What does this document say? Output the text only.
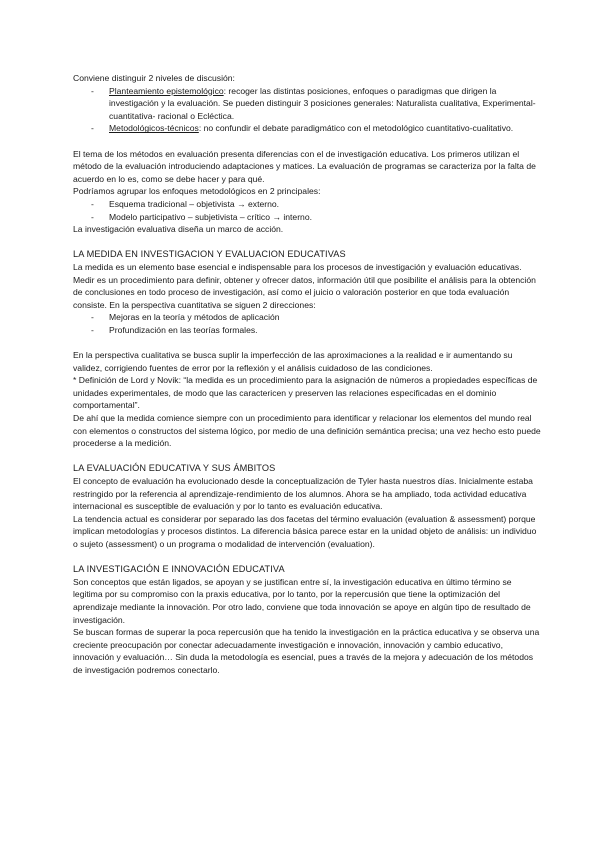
Conviene distinguir 2 niveles de discusión:

- Planteamiento epistemológico: recoger las distintas posiciones, enfoques o paradigmas que dirigen la investigación y la evaluación. Se pueden distinguir 3 posiciones generales: Naturalista cualitativa, Experimental- cuantitativa- racional o Ecléctica.
- Metodológicos-técnicos: no confundir el debate paradigmático con el metodológico cuantitativo-cualitativo.

El tema de los métodos en evaluación presenta diferencias con el de investigación educativa. Los primeros utilizan el método de la evaluación introduciendo adaptaciones y matices. La evaluación de programas se caracteriza por la falta de acuerdo en lo es, como se debe hacer y para qué.

Podríamos agrupar los enfoques metodológicos en 2 principales:

- Esquema tradicional – objetivista → externo.
- Modelo participativo – subjetivista – crítico → interno.

La investigación evaluativa diseña un marco de acción.

LA MEDIDA EN INVESTIGACION Y EVALUACION EDUCATIVAS

La medida es un elemento base esencial e indispensable para los procesos de investigación y evaluación educativas.

Medir es un procedimiento para definir, obtener y ofrecer datos, información útil que posibilite el análisis para la obtención de conclusiones en todo proceso de investigación, así como el juicio o valoración posterior en que toda evaluación consiste. En la perspectiva cuantitativa se siguen 2 direcciones:

- Mejoras en la teoría y métodos de aplicación
- Profundización en las teorías formales.

En la perspectiva cualitativa se busca suplir la imperfección de las aproximaciones a la realidad e ir aumentando su validez, corrigiendo fuentes de error por la reflexión y el análisis cuidadoso de las condiciones.

* Definición de Lord y Novik: “la medida es un procedimiento para la asignación de números a propiedades específicas de unidades experimentales, de modo que las caractericen y preserven las relaciones especificadas en el dominio comportamental”.

De ahí que la medida comience siempre con un procedimiento para identificar y relacionar los elementos del mundo real con elementos o constructos del sistema lógico, por medio de una definición semántica precisa; una vez hecho esto puede procederse a la medición.

LA EVALUACIÓN EDUCATIVA Y SUS ÁMBITOS

El concepto de evaluación ha evolucionado desde la conceptualización de Tyler hasta nuestros días. Inicialmente estaba restringido por la referencia al aprendizaje-rendimiento de los alumnos. Ahora se ha ampliado, toda actividad educativa internacional es susceptible de evaluación y por lo tanto es evaluación educativa.

La tendencia actual es considerar por separado las dos facetas del término evaluación (evaluation & assessment) porque implican metodologías y procesos distintos. La diferencia básica parece estar en la unidad objeto de análisis: un individuo o sujeto (assessment) o un programa o modalidad de intervención (evaluation).

LA INVESTIGACIÓN E INNOVACIÓN EDUCATIVA

Son conceptos que están ligados, se apoyan y se justifican entre sí, la investigación educativa en último término se legitima por su compromiso con la praxis educativa, por lo tanto, por la repercusión que tiene la optimización del aprendizaje mediante la innovación. Por otro lado, conviene que toda innovación se apoye en algún tipo de resultado de investigación.

Se buscan formas de superar la poca repercusión que ha tenido la investigación en la práctica educativa y se observa una creciente preocupación por conectar adecuadamente investigación e innovación, innovación y cambio educativo, innovación y evaluación… Sin duda la metodología es esencial, pues a través de la mejora y adecuación de los métodos de investigación podremos conectarlo.
